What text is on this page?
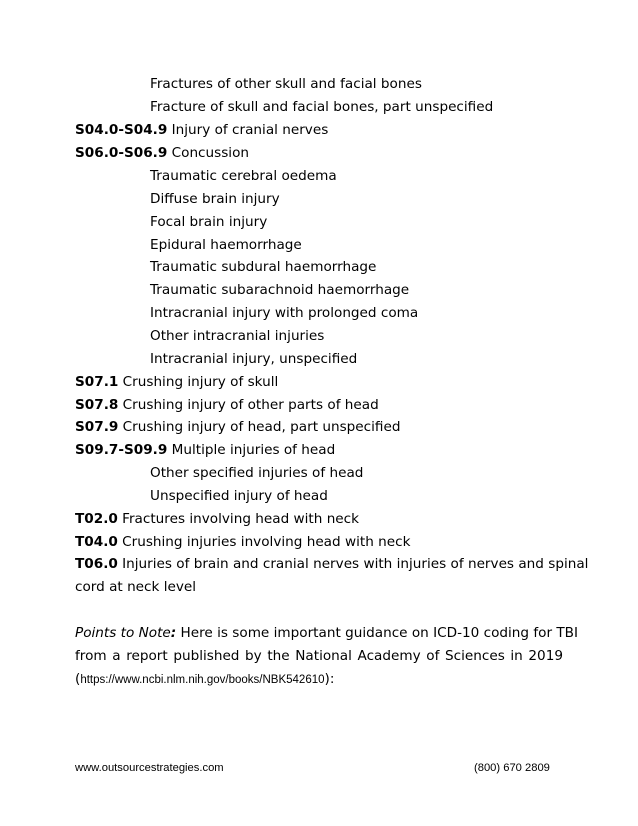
Fractures of other skull and facial bones
Fracture of skull and facial bones, part unspecified
S04.0-S04.9 Injury of cranial nerves
S06.0-S06.9 Concussion
Traumatic cerebral oedema
Diffuse brain injury
Focal brain injury
Epidural haemorrhage
Traumatic subdural haemorrhage
Traumatic subarachnoid haemorrhage
Intracranial injury with prolonged coma
Other intracranial injuries
Intracranial injury, unspecified
S07.1 Crushing injury of skull
S07.8 Crushing injury of other parts of head
S07.9 Crushing injury of head, part unspecified
S09.7-S09.9 Multiple injuries of head
Other specified injuries of head
Unspecified injury of head
T02.0 Fractures involving head with neck
T04.0 Crushing injuries involving head with neck
T06.0 Injuries of brain and cranial nerves with injuries of nerves and spinal
cord at neck level
Points to Note: Here is some important guidance on ICD-10 coding for TBI
from a report published by the National Academy of Sciences in 2019
(https://www.ncbi.nlm.nih.gov/books/NBK542610):
www.outsourcestrategies.com	(800) 670 2809
